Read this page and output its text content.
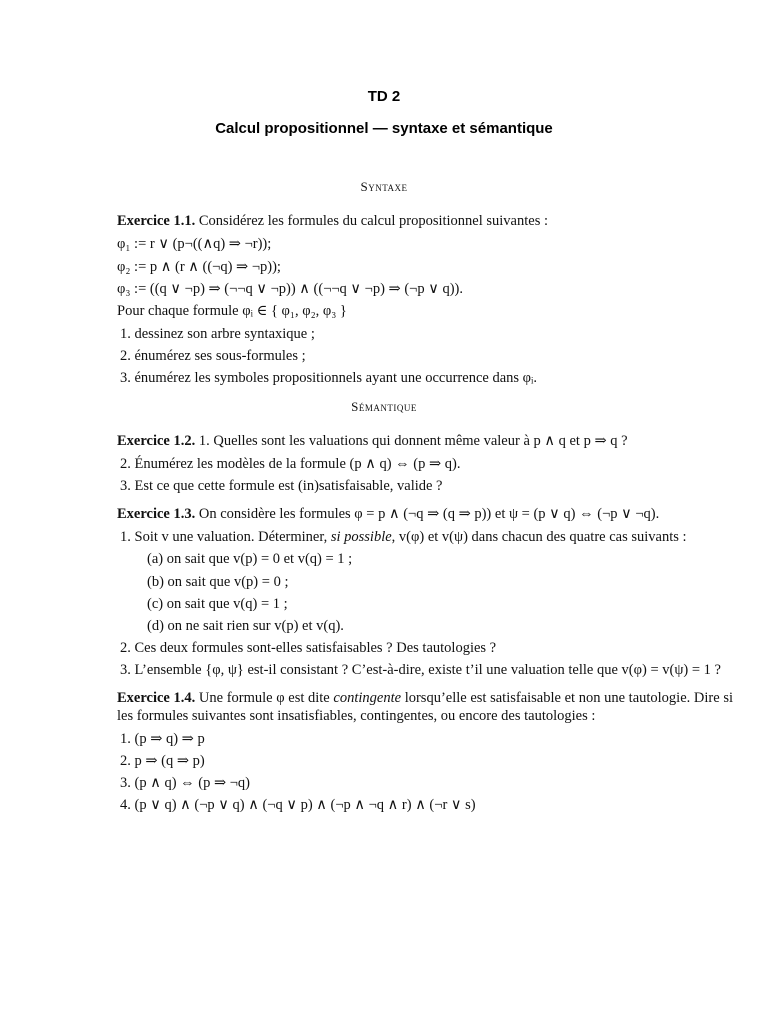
TD 2
Calcul propositionnel — syntaxe et sémantique
Syntaxe
Exercice 1.1. Considérez les formules du calcul propositionnel suivantes :
φ₁ := r ∨ (p¬((∧q) ⇒ ¬r));
φ₂ := p ∧ (r ∧ ((¬q) ⇒ ¬p));
φ₃ := ((q ∨ ¬p) ⇒ (¬¬q ∨ ¬p)) ∧ ((¬¬q ∨ ¬p) ⇒ (¬p ∨ q)).
Pour chaque formule φᵢ ∈ { φ₁, φ₂, φ₃ }
1. dessinez son arbre syntaxique ;
2. énumérez ses sous-formules ;
3. énumérez les symboles propositionnels ayant une occurrence dans φᵢ.
Sémantique
Exercice 1.2. 1. Quelles sont les valuations qui donnent même valeur à p ∧ q et p ⇒ q ?
2. Énumérez les modèles de la formule (p ∧ q) ⇔ (p ⇒ q).
3. Est ce que cette formule est (in)satisfaisable, valide ?
Exercice 1.3. On considère les formules φ = p ∧ (¬q ⇒ (q ⇒ p)) et ψ = (p ∨ q) ⇔ (¬p ∨ ¬q).
1. Soit v une valuation. Déterminer, si possible, v(φ) et v(ψ) dans chacun des quatre cas suivants :
(a) on sait que v(p) = 0 et v(q) = 1 ;
(b) on sait que v(p) = 0 ;
(c) on sait que v(q) = 1 ;
(d) on ne sait rien sur v(p) et v(q).
2. Ces deux formules sont-elles satisfaisables ? Des tautologies ?
3. L’ensemble {φ, ψ} est-il consistant ? C’est-à-dire, existe t’il une valuation telle que v(φ) = v(ψ) = 1 ?
Exercice 1.4. Une formule φ est dite contingente lorsqu’elle est satisfaisable et non une tautologie. Dire si les formules suivantes sont insatisfiables, contingentes, ou encore des tautologies :
1. (p ⇒ q) ⇒ p
2. p ⇒ (q ⇒ p)
3. (p ∧ q) ⇔ (p ⇒ ¬q)
4. (p ∨ q) ∧ (¬p ∨ q) ∧ (¬q ∨ p) ∧ (¬p ∧ ¬q ∧ r) ∧ (¬r ∨ s)
